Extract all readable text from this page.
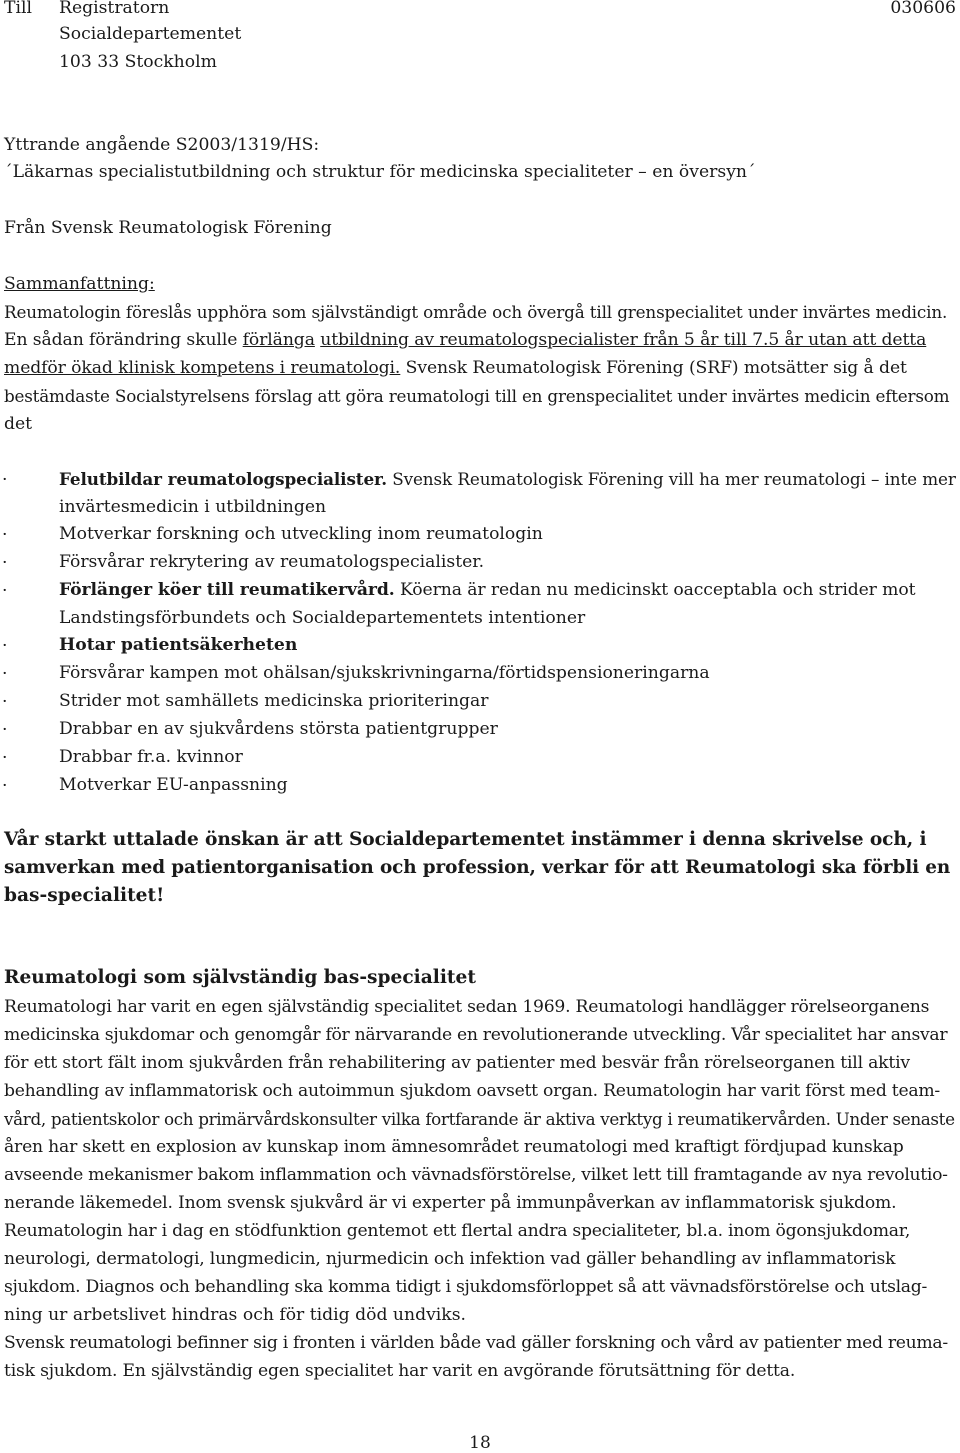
Till Registratorn
Socialdepartementet
103 33 Stockholm
030606
Yttrande angående S2003/1319/HS:
´Läkarnas specialistutbildning och struktur för medicinska specialiteter – en översyn´
Från Svensk Reumatologisk Förening
Sammanfattning:
Reumatologin föreslås upphöra som självständigt område och övergå till grenspecialitet under invärtes medicin.
En sådan förändring skulle förlänga utbildning av reumatologspecialister från 5 år till 7.5 år utan att detta
medför ökad klinisk kompetens i reumatologi. Svensk Reumatologisk Förening (SRF) motsätter sig å det
bestämdaste Socialstyrelsens förslag att göra reumatologi till en grenspecialitet under invärtes medicin eftersom
det
·	Felutbildar reumatologspecialister. Svensk Reumatologisk Förening vill ha mer reumatologi – inte mer
invärtesmedicin i utbildningen
·	Motverkar forskning och utveckling inom reumatologin
·	Försvårar rekrytering av reumatologspecialister.
·	Förlänger köer till reumatikervård. Köerna är redan nu medicinskt oacceptabla och strider mot
Landstingsförbundets och Socialdepartementets intentioner
·	Hotar patientsäkerheten
·	Försvårar kampen mot ohälsan/sjukskrivningarna/förtidspensioneringarna
·	Strider mot samhällets medicinska prioriteringar
·	Drabbar en av sjukvårdens största patientgrupper
·	Drabbar fr.a. kvinnor
·	Motverkar EU-anpassning
Vår starkt uttalade önskan är att Socialdepartementet instämmer i denna skrivelse och, i
samverkan med patientorganisation och profession, verkar för att Reumatologi ska förbli en
bas-specialitet!
Reumatologi som självständig bas-specialitet
Reumatologi har varit en egen självständig specialitet sedan 1969. Reumatologi handlägger rörelseorganens
medicinska sjukdomar och genomgår för närvarande en revolutionerande utveckling. Vår specialitet har ansvar
för ett stort fält inom sjukvården från rehabilitering av patienter med besvär från rörelseorganen till aktiv
behandling av inflammatorisk och autoimmun sjukdom oavsett organ. Reumatologin har varit först med team-
vård, patientskolor och primärvårdskonsulter vilka fortfarande är aktiva verktyg i reumatikervården. Under senaste
åren har skett en explosion av kunskap inom ämnesområdet reumatologi med kraftigt fördjupad kunskap
avseende mekanismer bakom inflammation och vävnadsförstörelse, vilket lett till framtagande av nya revolutio-
nerande läkemedel. Inom svensk sjukvård är vi experter på immunpåverkan av inflammatorisk sjukdom.
Reumatologin har i dag en stödfunktion gentemot ett flertal andra specialiteter, bl.a. inom ögonsjukdomar,
neurologi, dermatologi, lungmedicin, njurmedicin och infektion vad gäller behandling av inflammatorisk
sjukdom. Diagnos och behandling ska komma tidigt i sjukdomsförloppet så att vävnadsförstörelse och utslag-
ning ur arbetslivet hindras och för tidig död undviks.
Svensk reumatologi befinner sig i fronten i världen både vad gäller forskning och vård av patienter med reuma-
tisk sjukdom. En självständig egen specialitet har varit en avgörande förutsättning för detta.
18
